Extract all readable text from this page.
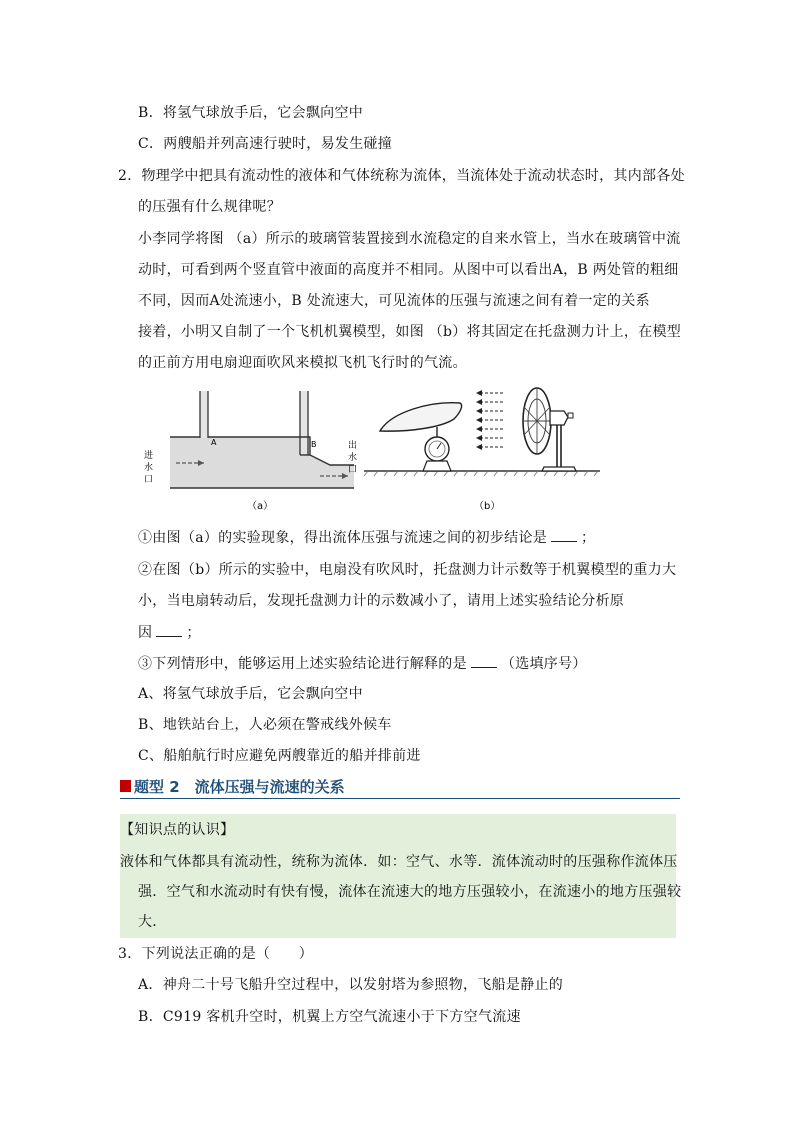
B．将氢气球放手后，它会飘向空中
C．两艘船并列高速行驶时，易发生碰撞
2．物理学中把具有流动性的液体和气体统称为流体，当流体处于流动状态时，其内部各处
的压强有什么规律呢？
小李同学将图 （a）所示的玻璃管装置接到水流稳定的自来水管上，当水在玻璃管中流
动时，可看到两个竖直管中液面的高度并不相同。从图中可以看出A，B 两处管的粗细
不同，因而A处流速小，B 处流速大，可见流体的压强与流速之间有着一定的关系
接着，小明又自制了一个飞机机翼模型，如图 （b）将其固定在托盘测力计上，在模型
的正前方用电扇迎面吹风来模拟飞机飞行时的气流。
A	B
进
水
口
出
水
口
（a）	（b）
①由图（a）的实验现象，得出流体压强与流速之间的初步结论是 ；
②在图（b）所示的实验中，电扇没有吹风时，托盘测力计示数等于机翼模型的重力大
小，当电扇转动后，发现托盘测力计的示数减小了，请用上述实验结论分析原
因 ；
③下列情形中，能够运用上述实验结论进行解释的是 （选填序号）
A、将氢气球放手后，它会飘向空中
B、地铁站台上，人必须在警戒线外候车
C、船舶航行时应避免两艘靠近的船并排前进
题型 2　流体压强与流速的关系
【知识点的认识】
液体和气体都具有流动性，统称为流体．如：空气、水等．流体流动时的压强称作流体压
强．空气和水流动时有快有慢，流体在流速大的地方压强较小，在流速小的地方压强较
大．
3．下列说法正确的是（　　）
A．神舟二十号飞船升空过程中，以发射塔为参照物，飞船是静止的
B．C919 客机升空时，机翼上方空气流速小于下方空气流速
